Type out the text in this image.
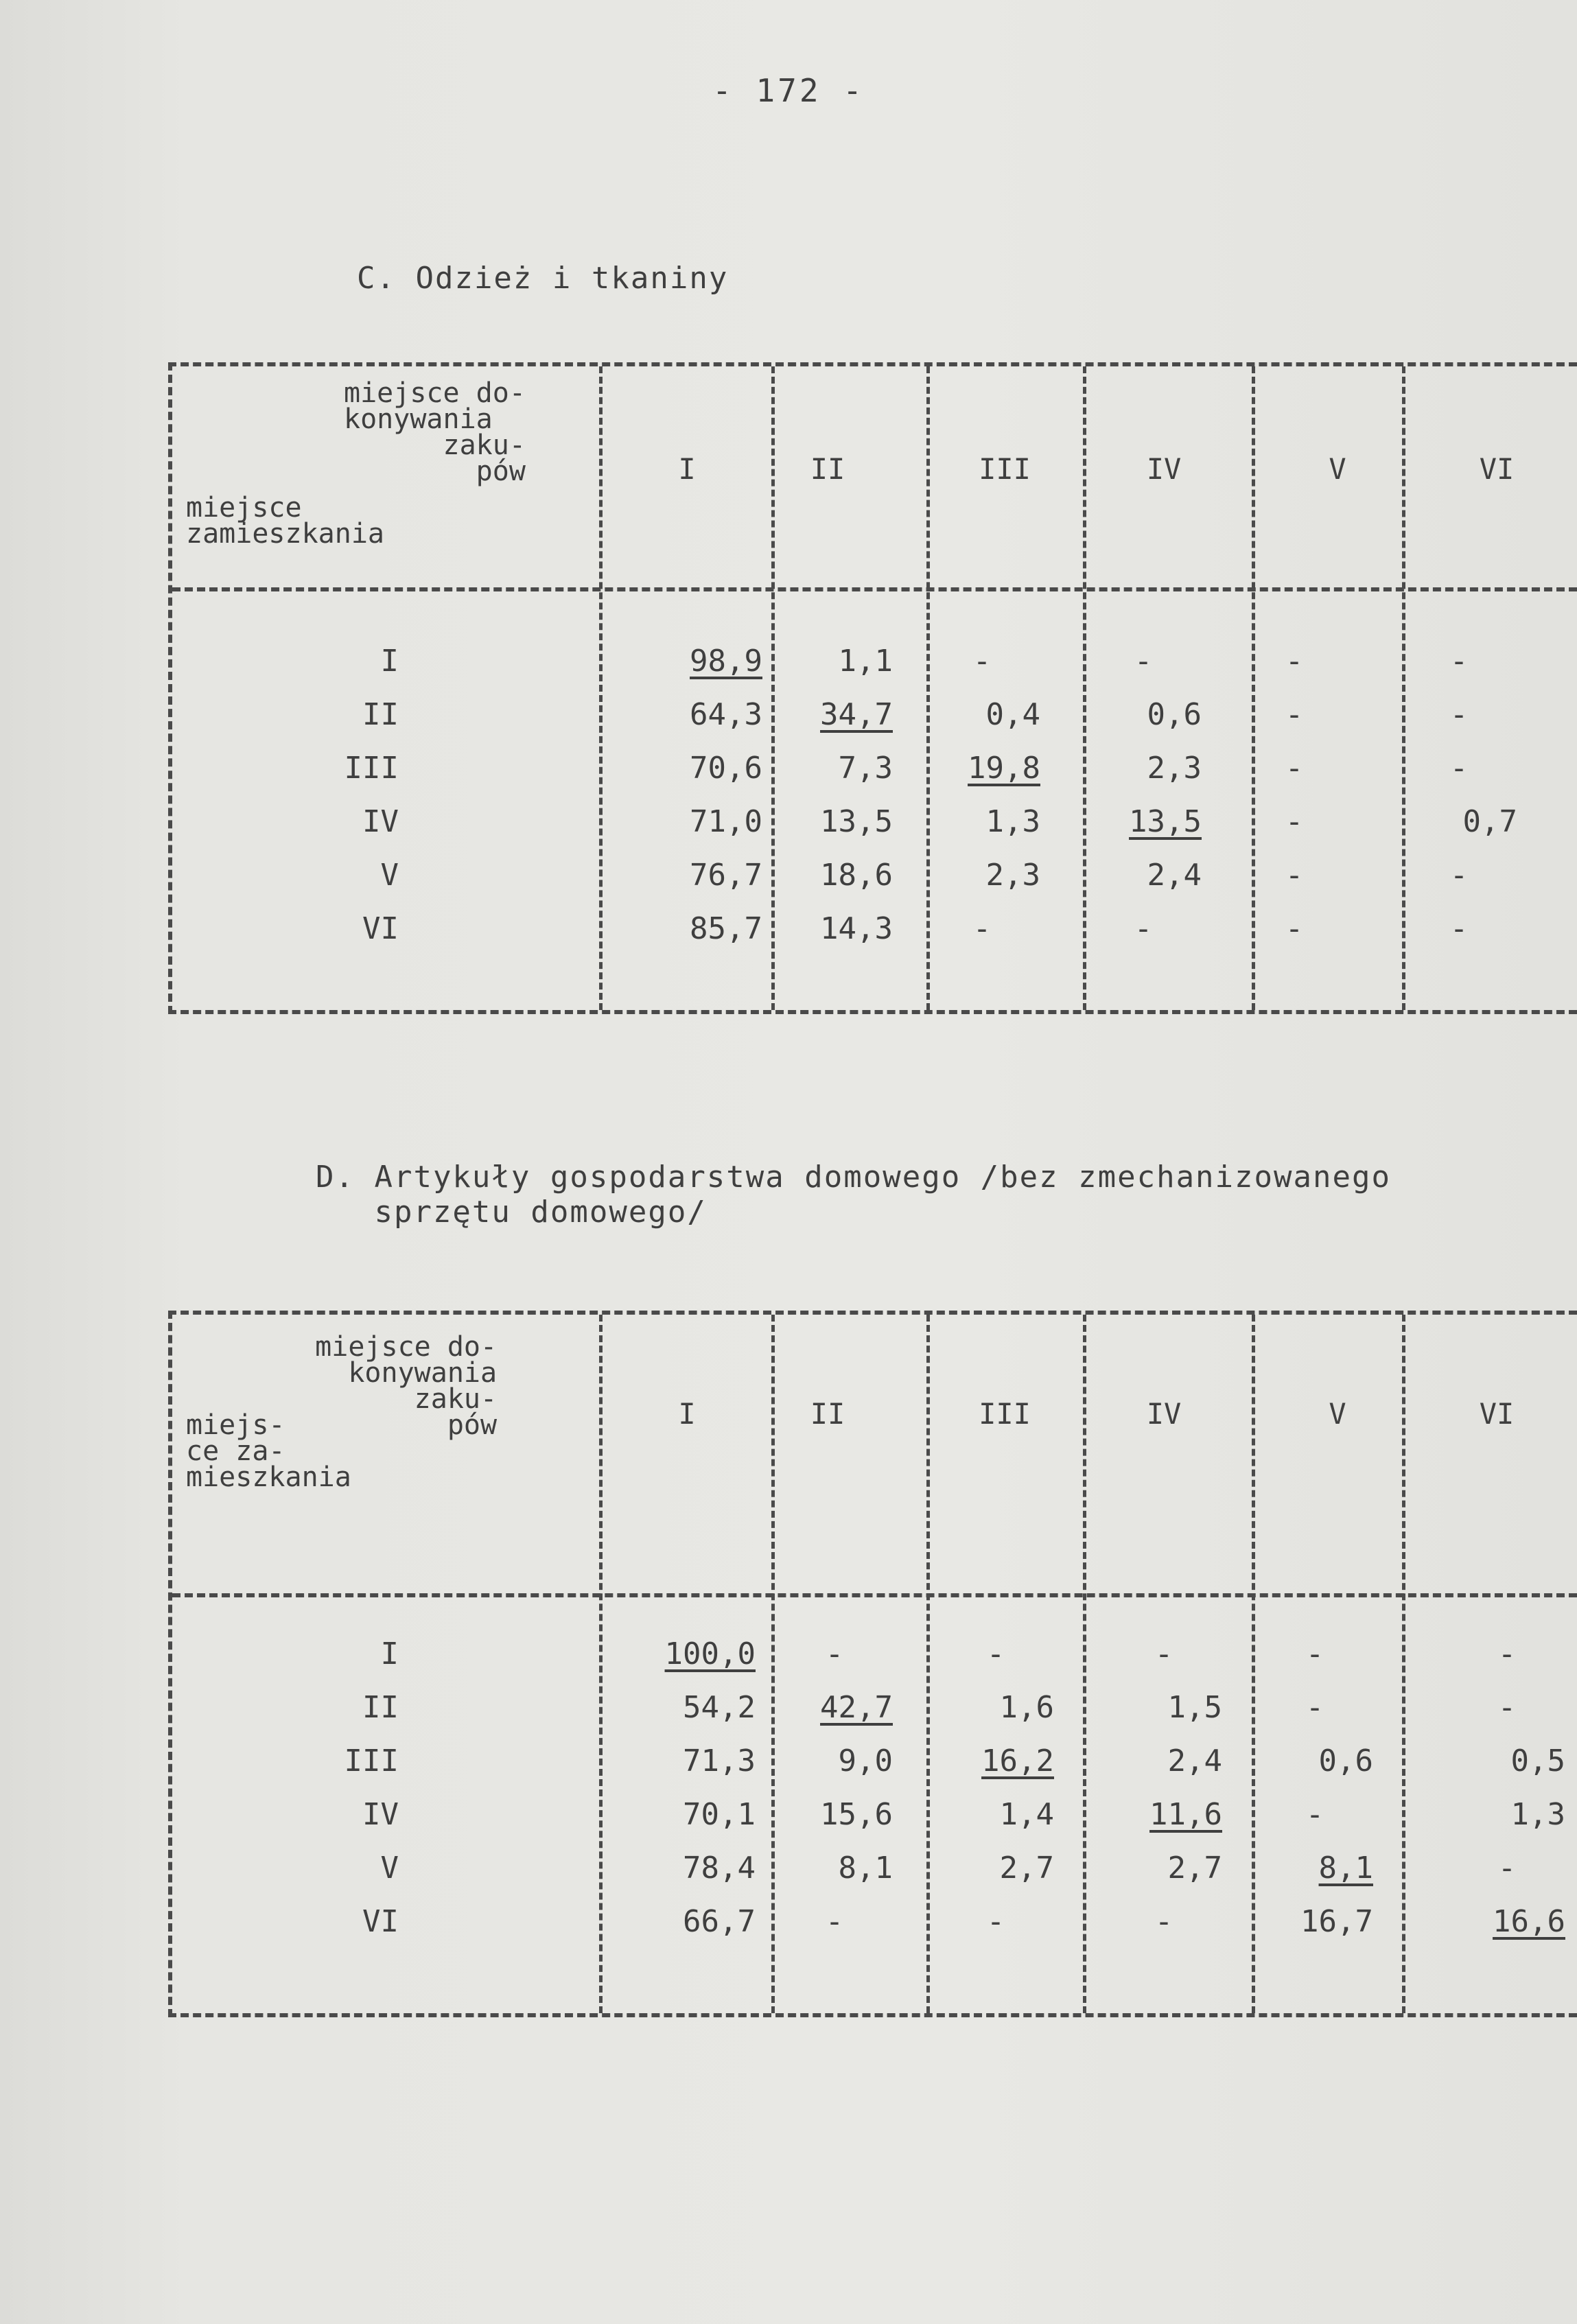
- 172 -
C. Odzież i tkaniny
miejsce do-
konywania
zaku-
pów
miejsce
zamieszkania
I	II	III	IV	V	VI
I	98,9	1,1	-	-	-	-
II	64,3	34,7	0,4	0,6	-	-
III	70,6	7,3	19,8	2,3	-	-
IV	71,0	13,5	1,3	13,5	-	0,7
V	76,7	18,6	2,3	2,4	-	-
VI	85,7	14,3	-	-	-	-
D. Artykuły gospodarstwa domowego /bez zmechanizowanego
sprzętu domowego/
miejsce do-
konywania
zaku-
pów
miejs-
ce za-
mieszkania
I	II	III	IV	V	VI
I	100,0	-	-	-	-	-
II	54,2	42,7	1,6	1,5	-	-
III	71,3	9,0	16,2	2,4	0,6	0,5
IV	70,1	15,6	1,4	11,6	-	1,3
V	78,4	8,1	2,7	2,7	8,1	-
VI	66,7	-	-	-	16,7	16,6
